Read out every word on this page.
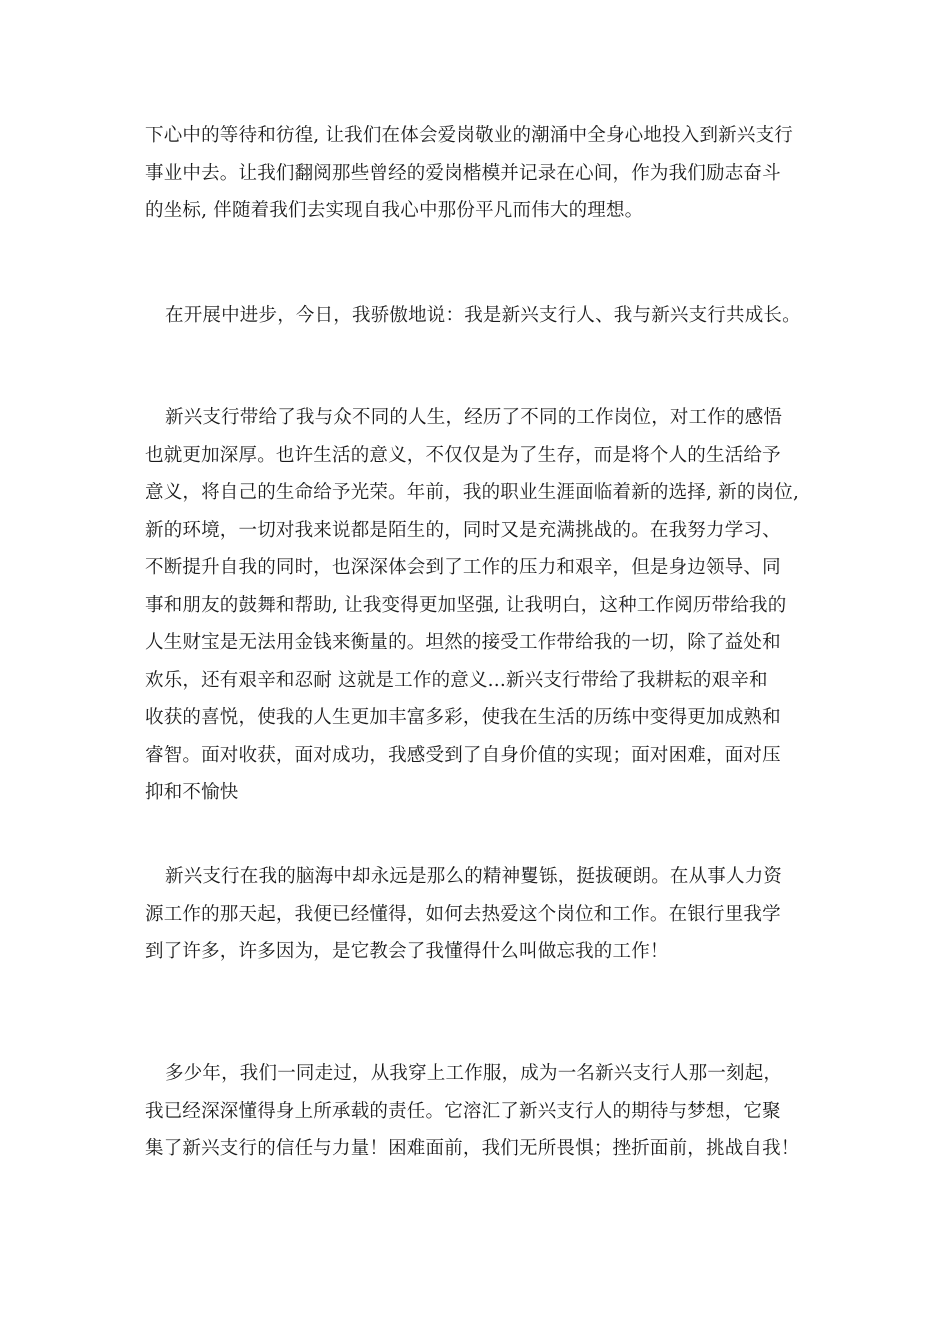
下心中的等待和彷徨, 让我们在体会爱岗敬业的潮涌中全身心地投入到新兴支行
事业中去。让我们翻阅那些曾经的爱岗楷模并记录在心间，作为我们励志奋斗
的坐标, 伴随着我们去实现自我心中那份平凡而伟大的理想。
在开展中进步，今日，我骄傲地说：我是新兴支行人、我与新兴支行共成长。
新兴支行带给了我与众不同的人生，经历了不同的工作岗位，对工作的感悟
也就更加深厚。也许生活的意义，不仅仅是为了生存，而是将个人的生活给予
意义，将自己的生命给予光荣。年前，我的职业生涯面临着新的选择, 新的岗位,
新的环境，一切对我来说都是陌生的，同时又是充满挑战的。在我努力学习、
不断提升自我的同时，也深深体会到了工作的压力和艰辛，但是身边领导、同
事和朋友的鼓舞和帮助, 让我变得更加坚强, 让我明白，这种工作阅历带给我的
人生财宝是无法用金钱来衡量的。坦然的接受工作带给我的一切，除了益处和
欢乐，还有艰辛和忍耐 这就是工作的意义...新兴支行带给了我耕耘的艰辛和
收获的喜悦，使我的人生更加丰富多彩，使我在生活的历练中变得更加成熟和
睿智。面对收获，面对成功，我感受到了自身价值的实现；面对困难，面对压
抑和不愉快
新兴支行在我的脑海中却永远是那么的精神矍铄，挺拔硬朗。在从事人力资
源工作的那天起，我便已经懂得，如何去热爱这个岗位和工作。在银行里我学
到了许多，许多因为，是它教会了我懂得什么叫做忘我的工作！
多少年，我们一同走过，从我穿上工作服，成为一名新兴支行人那一刻起，
我已经深深懂得身上所承载的责任。它溶汇了新兴支行人的期待与梦想，它聚
集了新兴支行的信任与力量！困难面前，我们无所畏惧；挫折面前，挑战自我！
